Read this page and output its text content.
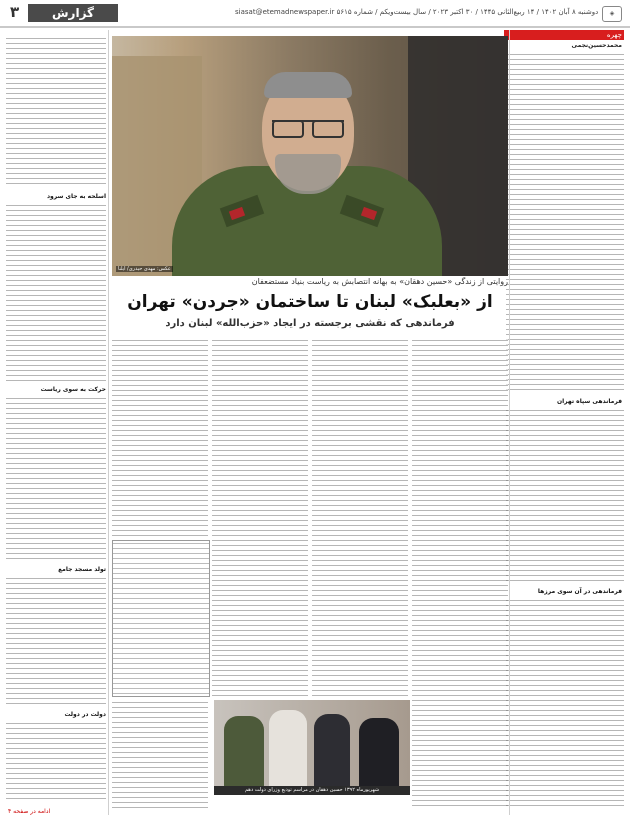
۳	گزارش	siasat@etemadnewspaper.ir دوشنبه ۸ آبان ۱۴۰۲ / ۱۴ ربیع‌الثانی ۱۴۴۵ / ۳۰ اکتبر ۲۰۲۳ / سال بیست‌ویکم / شماره ۵۶۱۵	◈
چهره
محمدحسین‌نجمی
فرماندهی سپاه تهران
فرماندهی در آن سوی مرزها
اسلحه به جای سرود
حرکت به سوی ریاست
تولد مسجد جامع
دولت در دولت
ادامه در صفحه ۴
عکس: مهدی حیدری/ ایلنا
روایتی از زندگی «حسین دهقان» به بهانه انتصابش به ریاست بنیاد مستضعفان
از «بعلبک» لبنان تا ساختمان «جردن» تهران
فرماندهی که نقشی برجسته در ایجاد «حزب‌الله» لبنان دارد
شهریورماه ۱۳۹۲ حسین دهقان در مراسم تودیع وزرای دولت دهم
